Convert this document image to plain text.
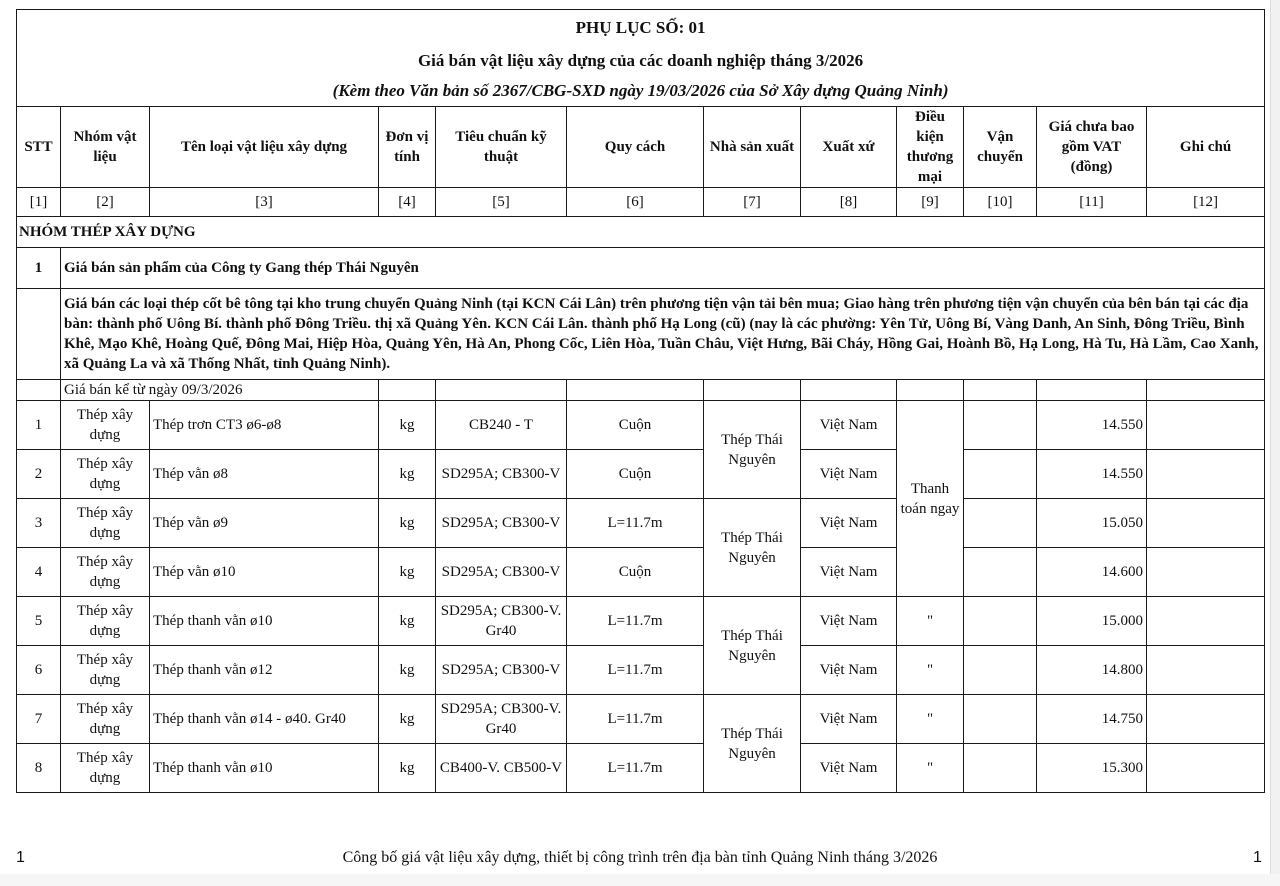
PHỤ LỤC SỐ: 01
Giá bán vật liệu xây dựng của các doanh nghiệp tháng 3/2026
(Kèm theo Văn bản số 2367/CBG-SXD ngày 19/03/2026 của Sở Xây dựng Quảng Ninh)											

STT	Nhóm vật liệu	Tên loại vật liệu xây dựng	Đơn vị tính	Tiêu chuẩn kỹ thuật	Quy cách	Nhà sản xuất	Xuất xứ	Điều kiện thương mại	Vận chuyển	Giá chưa bao gồm VAT (đồng)	Ghi chú
[1]	[2]	[3]	[4]	[5]	[6]	[7]	[8]	[9]	[10]	[11]	[12]
NHÓM THÉP XÂY DỰNG											
1	Giá bán sản phẩm của Công ty Gang thép Thái Nguyên										
	Giá bán các loại thép cốt bê tông tại kho trung chuyển Quảng Ninh (tại KCN Cái Lân) trên phương tiện vận tải bên mua; Giao hàng trên phương tiện vận chuyển của bên bán tại các địa bàn: thành phố Uông Bí. thành phố Đông Triều. thị xã Quảng Yên. KCN Cái Lân. thành phố Hạ Long (cũ) (nay là các phường: Yên Tử, Uông Bí, Vàng Danh, An Sinh, Đông Triều, Bình Khê, Mạo Khê, Hoàng Quế, Đông Mai, Hiệp Hòa, Quảng Yên, Hà An, Phong Cốc, Liên Hòa, Tuần Châu, Việt Hưng, Bãi Cháy, Hồng Gai, Hoành Bồ, Hạ Long, Hà Tu, Hà Lầm, Cao Xanh, xã Quảng La và xã Thống Nhất, tỉnh Quảng Ninh).										
	Giá bán kể từ ngày 09/3/2026										
1	Thép xây dựng	Thép trơn CT3 ø6-ø8	kg	CB240 - T	Cuộn	Thép Thái Nguyên	Việt Nam	Thanh toán ngay		14.550	
2	Thép xây dựng	Thép vằn ø8	kg	SD295A; CB300-V	Cuộn		Việt Nam			14.550	
3	Thép xây dựng	Thép vằn ø9	kg	SD295A; CB300-V	L=11.7m	Thép Thái Nguyên	Việt Nam			15.050	
4	Thép xây dựng	Thép vằn ø10	kg	SD295A; CB300-V	Cuộn		Việt Nam			14.600	
5	Thép xây dựng	Thép thanh vằn ø10	kg	SD295A; CB300-V. Gr40	L=11.7m	Thép Thái Nguyên	Việt Nam	"		15.000	
6	Thép xây dựng	Thép thanh vằn ø12	kg	SD295A; CB300-V	L=11.7m		Việt Nam	"		14.800	
7	Thép xây dựng	Thép thanh vằn ø14 - ø40. Gr40	kg	SD295A; CB300-V. Gr40	L=11.7m	Thép Thái Nguyên	Việt Nam	"		14.750	
8	Thép xây dựng	Thép thanh vằn ø10	kg	CB400-V. CB500-V	L=11.7m		Việt Nam	"		15.300	
1	Công bố giá vật liệu xây dựng, thiết bị công trình trên địa bàn tỉnh Quảng Ninh tháng 3/2026	1
